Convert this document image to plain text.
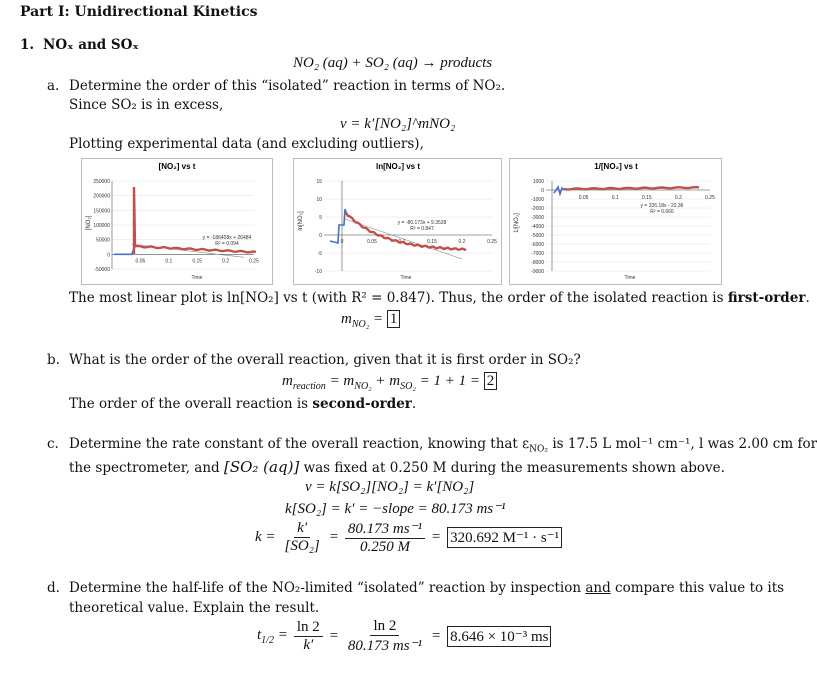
Part I: Unidirectional Kinetics
1. NOₓ and SOₓ
NO₂ (aq) + SO₂ (aq) → products
a. Determine the order of this “isolated” reaction in terms of NO₂.
Since SO₂ is in excess,
v = k′[NO₂]^mNO₂
Plotting experimental data (and excluding outliers),
[NO₂] vs t
[NO₂]
Time
250000
200000
150000
100000
50000
0
-50000
0.05	0.1	0.15	0.2	0.25
y = -186408x + 26484
R² = 0.094
ln[NO₂] vs t
ln[NO₂]
Time
15
10
5
0
-5
-10
0	0.05	0.1	0.15	0.2	0.25
y = -80.173x + 9.3528
R² = 0.847
1/[NO₂] vs t
1/[NO₂]
Time
1000
0
-1000
-2000
-3000
-4000
-5000
-6000
-7000
-8000
-9000
0.05	0.1	0.15	0.2	0.25
y = 326.18x - 22.36
R² = 0.666
The most linear plot is ln[NO₂] vs t (with R² = 0.847). Thus, the order of the isolated reaction is first-order.
$m_{NO_2} = 1$
b. What is the order of the overall reaction, given that it is first order in SO₂?
$m_{reaction} = m_{NO_2} + m_{SO_2} = 1 + 1 = 2$
The order of the overall reaction is second-order.
c. Determine the rate constant of the overall reaction, knowing that $\varepsilon_{NO_2}$ is 17.5 L mol⁻¹ cm⁻¹, l was 2.00 cm for
the spectrometer, and [SO₂ (aq)] was fixed at 0.250 M during the measurements shown above.
v = k[SO₂][NO₂] = k′[NO₂]
k[SO₂] = k′ = −slope = 80.173 ms⁻¹
$k = \frac{k'}{\text{[SO₂]}} = \frac{\text{80.173 ms⁻¹}}{0.250 M} = 320.692$ M⁻¹ · s⁻¹
d. Determine the half-life of the NO₂-limited “isolated” reaction by inspection and compare this value to its
theoretical value. Explain the result.
$t_{1/2} = \frac{\ln 2}{k'} = \frac{\ln 2}{\text{80.173 ms⁻¹}} = 8.646 \times 10^{-3}$ ms
